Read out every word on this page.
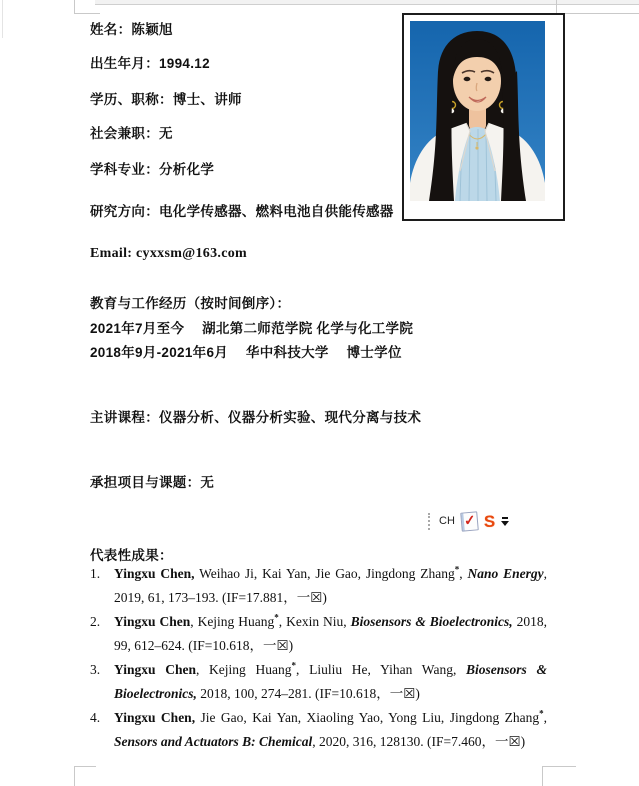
姓名：陈颖旭
出生年月：1994.12
学历、职称：博士、讲师
社会兼职：无
学科专业：分析化学
研究方向：电化学传感器、燃料电池自供能传感器
Email: cyxxsm@163.com
教育与工作经历（按时间倒序）：
2021年7月至今　 湖北第二师范学院 化学与化工学院
2018年9月-2021年6月 　华中科技大学 　博士学位
主讲课程：仪器分析、仪器分析实验、现代分离与技术
承担项目与课题：无
代表性成果：
1.	Yingxu Chen, Weihao Ji, Kai Yan, Jie Gao, Jingdong Zhang*, Nano Energy, 2019, 61, 173–193. (IF=17.881，一☒)
2.	Yingxu Chen, Kejing Huang*, Kexin Niu, Biosensors & Bioelectronics, 2018, 99, 612–624. (IF=10.618，一☒)
3.	Yingxu Chen, Kejing Huang*, Liuliu He, Yihan Wang, Biosensors & Bioelectronics, 2018, 100, 274–281. (IF=10.618，一☒)
4.	Yingxu Chen, Jie Gao, Kai Yan, Xiaoling Yao, Yong Liu, Jingdong Zhang*, Sensors and Actuators B: Chemical, 2020, 316, 128130. (IF=7.460，一☒)
CH ✓ S
